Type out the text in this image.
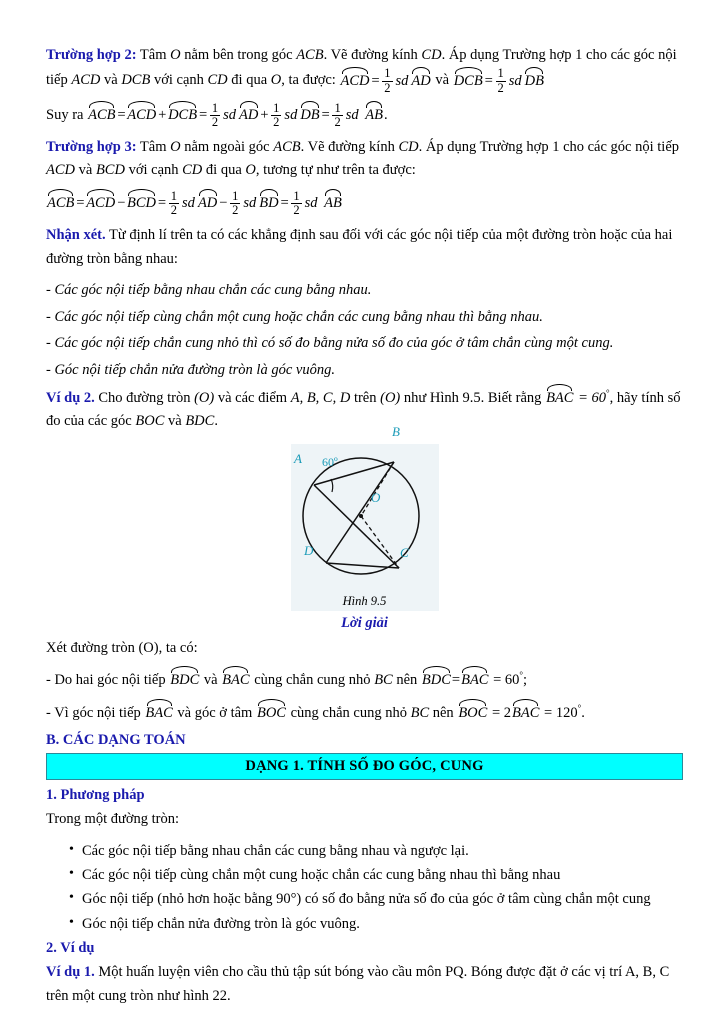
Trường hợp 2: Tâm O nằm bên trong góc ACB. Vẽ đường kính CD. Áp dụng Trường hợp 1 cho các góc nội tiếp ACD và DCB với cạnh CD đi qua O, ta được: $ACD= \frac{1}{2}$ sd AD và $DCB= \frac{1}{2}$ sd DB

Suy ra $ACB=ACD+DCB= \frac{1}{2}$ sd $AD+ \frac{1}{2}$ sd $DB= \frac{1}{2}$ sd AB.

Trường hợp 3: Tâm O nằm ngoài góc ACB. Vẽ đường kính CD. Áp dụng Trường hợp 1 cho các góc nội tiếp ACD và BCD với cạnh CD đi qua O, tương tự như trên ta được:

$ACB=ACD-BCD= \frac{1}{2}$ sd $AD- \frac{1}{2}$ sd $BD= \frac{1}{2}$ sd AB

Nhận xét. Từ định lí trên ta có các khẳng định sau đối với các góc nội tiếp của một đường tròn hoặc của hai đường tròn bằng nhau:

- Các góc nội tiếp bằng nhau chắn các cung bằng nhau.

- Các góc nội tiếp cùng chắn một cung hoặc chắn các cung bằng nhau thì bằng nhau.

- Các góc nội tiếp chắn cung nhỏ thì có số đo bằng nửa số đo của góc ở tâm chắn cùng một cung.

- Góc nội tiếp chắn nửa đường tròn là góc vuông.

Ví dụ 2. Cho đường tròn (O) và các điểm A, B, C, D trên (O) như Hình 9.5. Biết rằng BAC = 60°, hãy tính số đo của các góc BOC và BDC.

Hình 9.5
A
B
C
D
O
60º

Lời giải

Xét đường tròn (O), ta có:

- Do hai góc nội tiếp BDC và BAC cùng chắn cung nhỏ BC nên BDC=BAC = 60°;

- Vì góc nội tiếp BAC và góc ở tâm BOC cùng chắn cung nhỏ BC nên BOC = 2BAC = 120°.

B. CÁC DẠNG TOÁN

DẠNG 1. TÍNH SỐ ĐO GÓC, CUNG

1. Phương pháp

Trong một đường tròn:

• Các góc nội tiếp bằng nhau chắn các cung bằng nhau và ngược lại.
• Các góc nội tiếp cùng chắn một cung hoặc chắn các cung bằng nhau thì bằng nhau
• Góc nội tiếp (nhỏ hơn hoặc bằng 90°) có số đo bằng nửa số đo của góc ở tâm cùng chắn một cung
• Góc nội tiếp chắn nửa đường tròn là góc vuông.

2. Ví dụ

Ví dụ 1. Một huấn luyện viên cho cầu thủ tập sút bóng vào cầu môn PQ. Bóng được đặt ở các vị trí A, B, C trên một cung tròn như hình 22.
